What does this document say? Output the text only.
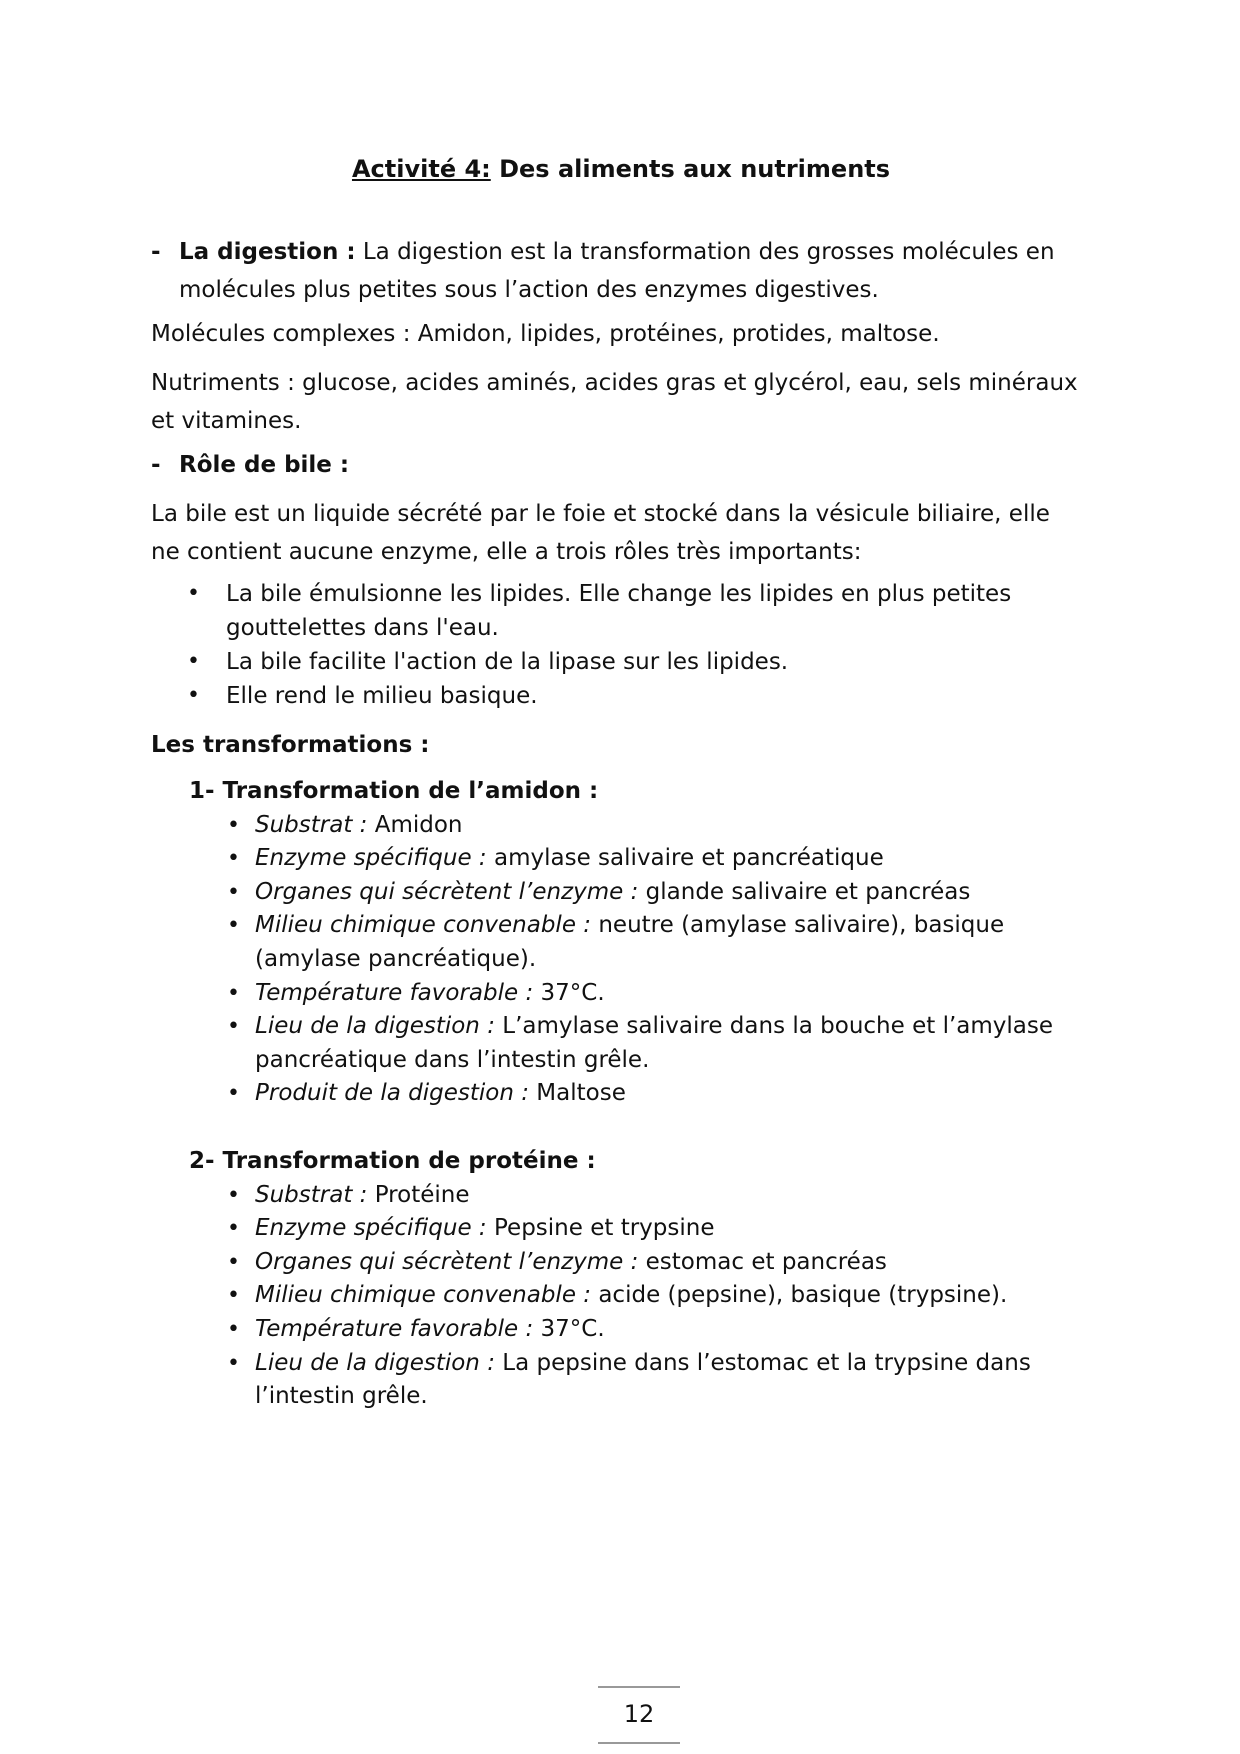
Activité 4: Des aliments aux nutriments
- La digestion : La digestion est la transformation des grosses molécules en
molécules plus petites sous l’action des enzymes digestives.
Molécules complexes : Amidon, lipides, protéines, protides, maltose.
Nutriments : glucose, acides aminés, acides gras et glycérol, eau, sels minéraux
et vitamines.
- Rôle de bile :
La bile est un liquide sécrété par le foie et stocké dans la vésicule biliaire, elle
ne contient aucune enzyme, elle a trois rôles très importants:
• La bile émulsionne les lipides. Elle change les lipides en plus petites
gouttelettes dans l'eau.
• La bile facilite l'action de la lipase sur les lipides.
• Elle rend le milieu basique.
Les transformations :
1- Transformation de l’amidon :
• Substrat : Amidon
• Enzyme spécifique : amylase salivaire et pancréatique
• Organes qui sécrètent l’enzyme : glande salivaire et pancréas
• Milieu chimique convenable : neutre (amylase salivaire), basique
(amylase pancréatique).
• Température favorable : 37°C.
• Lieu de la digestion : L’amylase salivaire dans la bouche et l’amylase
pancréatique dans l’intestin grêle.
• Produit de la digestion : Maltose
2- Transformation de protéine :
• Substrat : Protéine
• Enzyme spécifique : Pepsine et trypsine
• Organes qui sécrètent l’enzyme : estomac et pancréas
• Milieu chimique convenable : acide (pepsine), basique (trypsine).
• Température favorable : 37°C.
• Lieu de la digestion : La pepsine dans l’estomac et la trypsine dans
l’intestin grêle.
12
